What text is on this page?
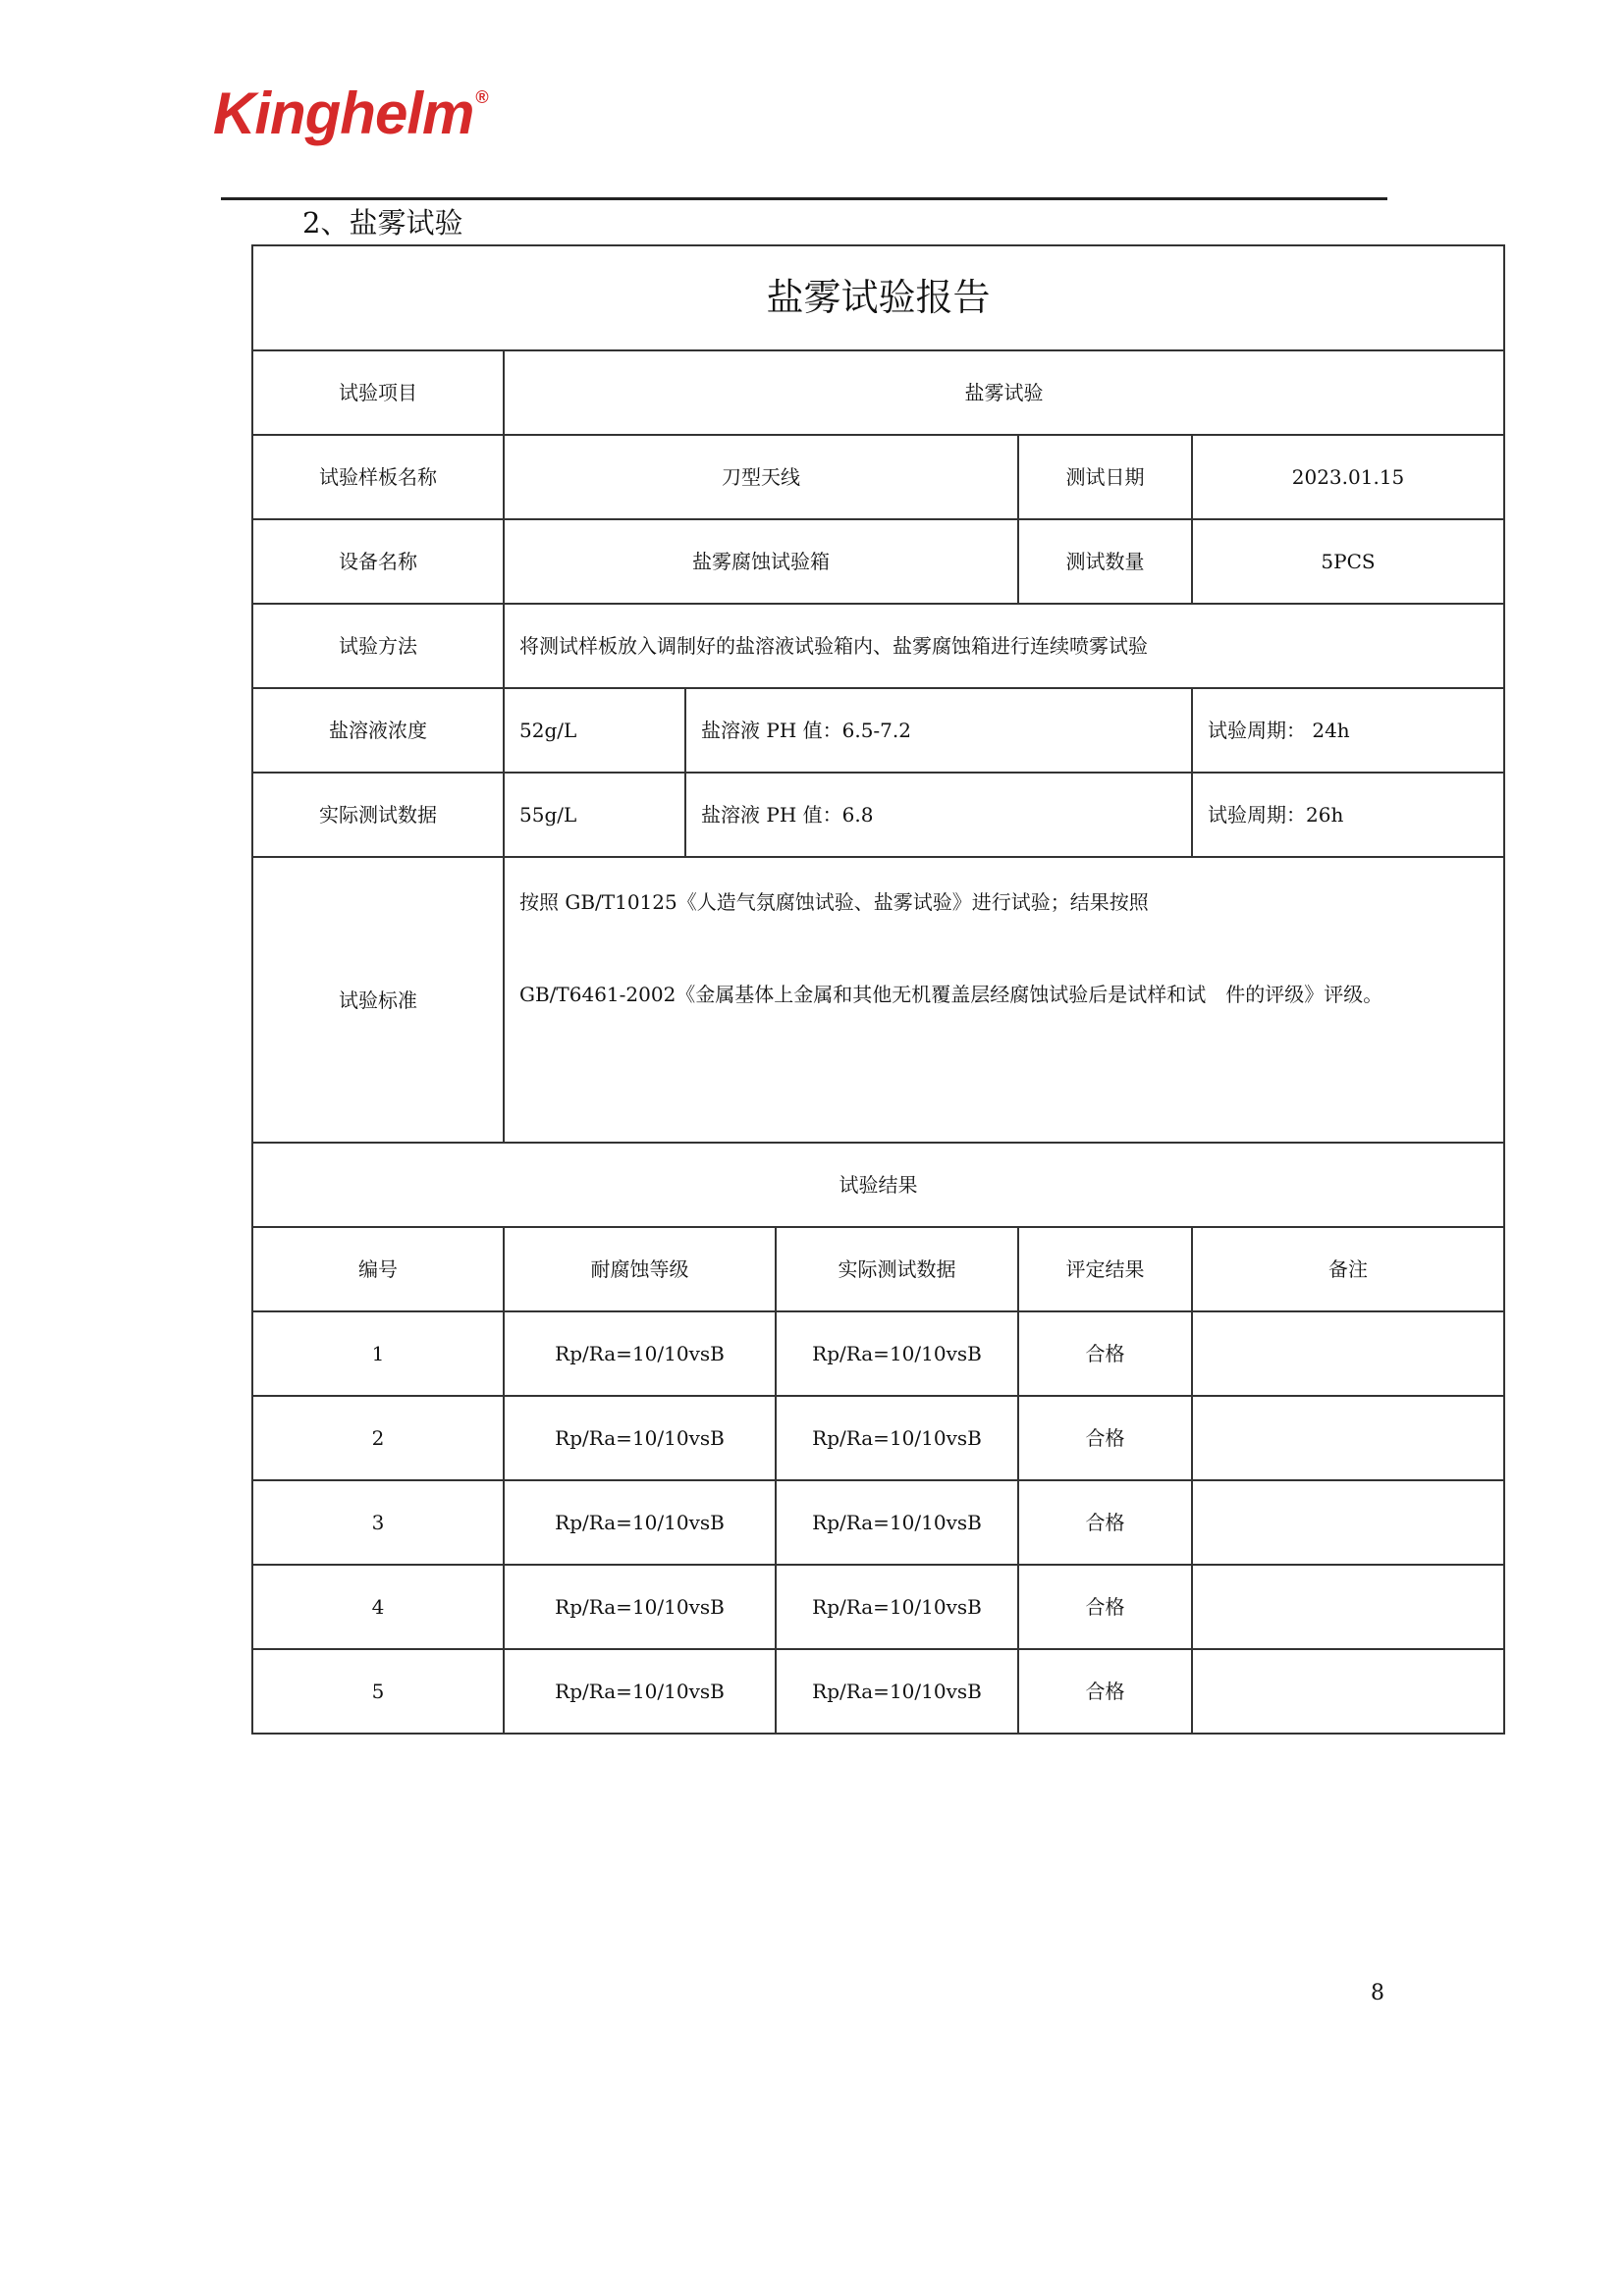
Kinghelm ®
2、盐雾试验
盐雾试验报告					
试验项目	盐雾试验				
试验样板名称	刀型天线			测试日期	2023.01.15
设备名称	盐雾腐蚀试验箱			测试数量	5PCS
试验方法	将测试样板放入调制好的盐溶液试验箱内、盐雾腐蚀箱进行连续喷雾试验				
盐溶液浓度	52g/L	盐溶液 PH 值：6.5-7.2			试验周期： 24h
实际测试数据	55g/L	盐溶液 PH 值：6.8			试验周期：26h
试验标准	按照 GB/T10125《人造气氛腐蚀试验、盐雾试验》进行试验；结果按照

GB/T6461-2002《金属基体上金属和其他无机覆盖层经腐蚀试验后是试样和试　件的评级》评级。				

试验结果					
编号	耐腐蚀等级		实际测试数据	评定结果	备注
1	Rp/Ra=10/10vsB		Rp/Ra=10/10vsB	合格	
2	Rp/Ra=10/10vsB		Rp/Ra=10/10vsB	合格	
3	Rp/Ra=10/10vsB		Rp/Ra=10/10vsB	合格	
4	Rp/Ra=10/10vsB		Rp/Ra=10/10vsB	合格	
5	Rp/Ra=10/10vsB		Rp/Ra=10/10vsB	合格	
8
